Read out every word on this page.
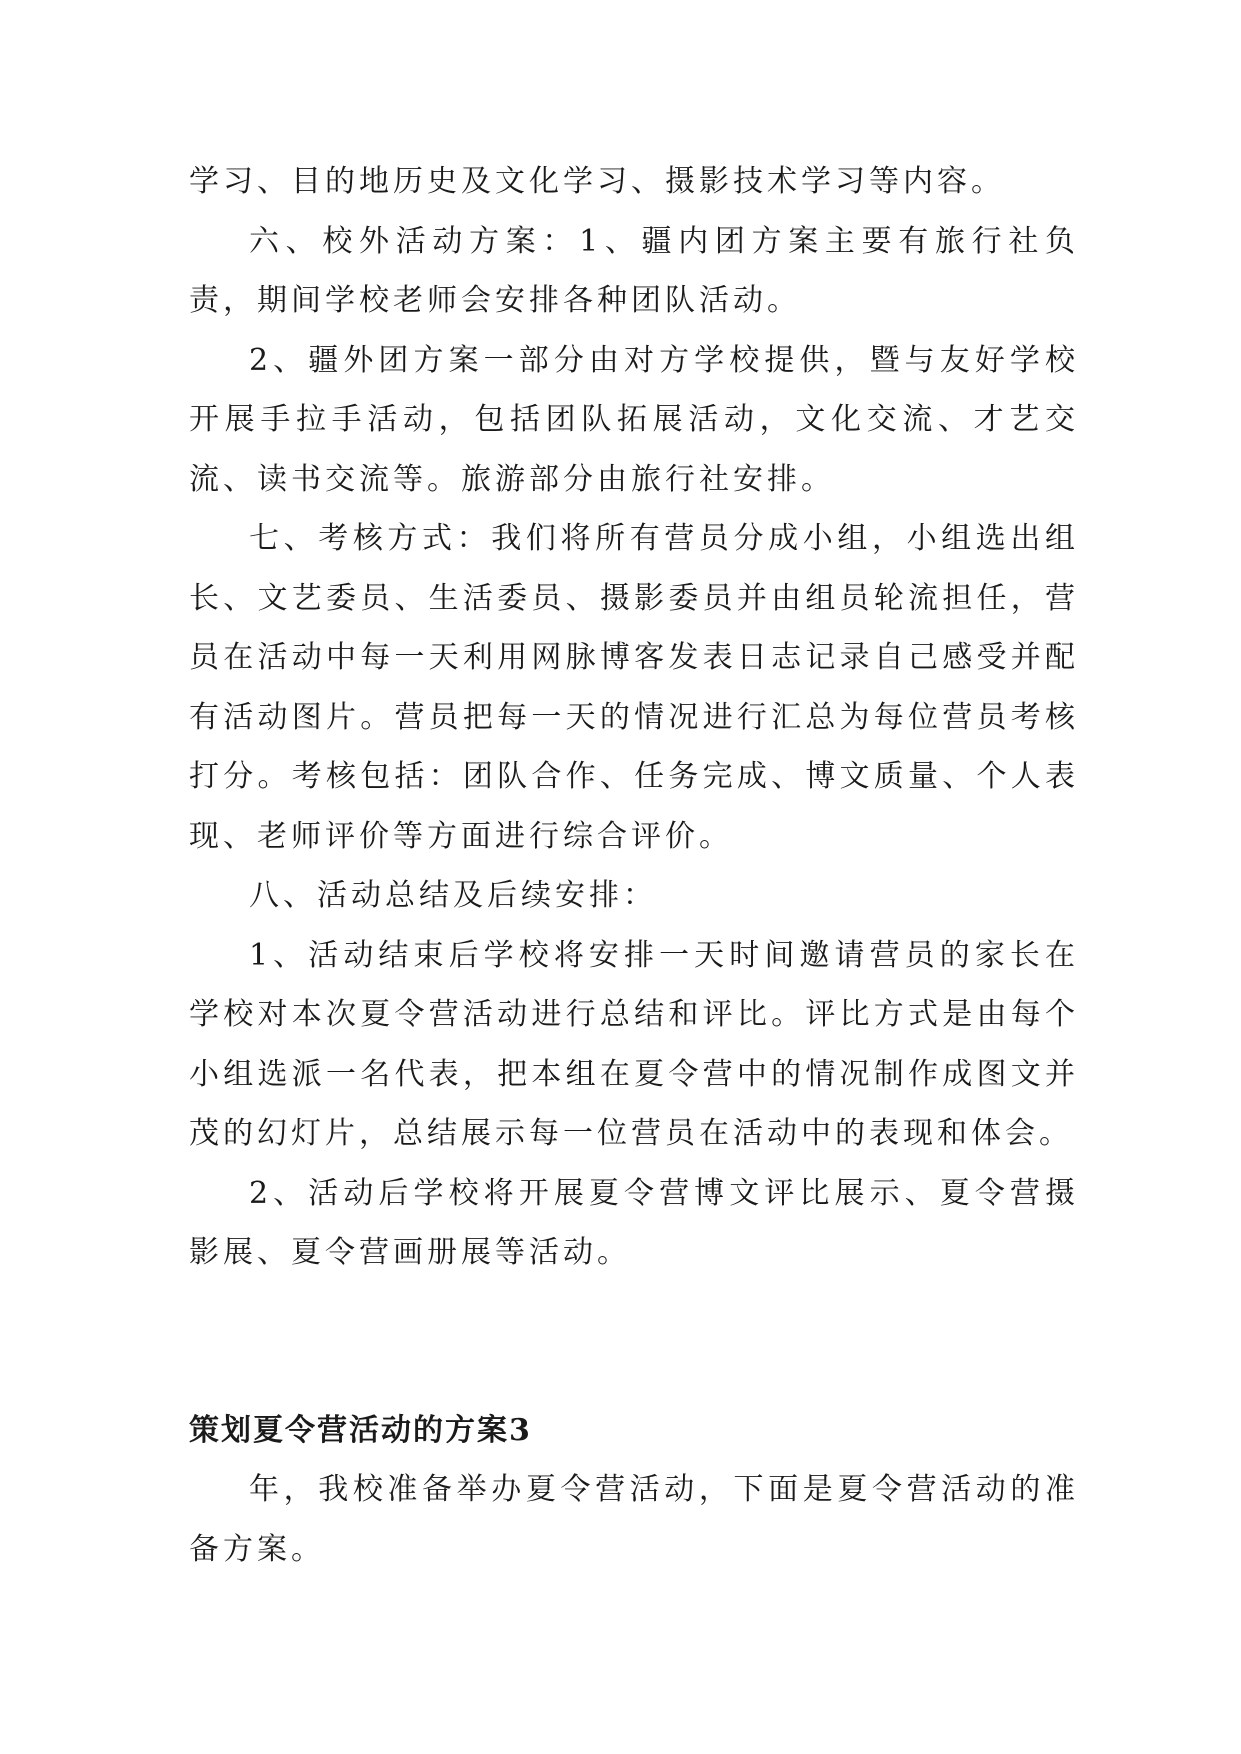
学习、目的地历史及文化学习、摄影技术学习等内容。

六、校外活动方案：1、疆内团方案主要有旅行社负责，期间学校老师会安排各种团队活动。

2、疆外团方案一部分由对方学校提供，暨与友好学校开展手拉手活动，包括团队拓展活动，文化交流、才艺交流、读书交流等。旅游部分由旅行社安排。

七、考核方式：我们将所有营员分成小组，小组选出组长、文艺委员、生活委员、摄影委员并由组员轮流担任，营员在活动中每一天利用网脉博客发表日志记录自己感受并配有活动图片。营员把每一天的情况进行汇总为每位营员考核打分。考核包括：团队合作、任务完成、博文质量、个人表现、老师评价等方面进行综合评价。

八、活动总结及后续安排：

1、活动结束后学校将安排一天时间邀请营员的家长在学校对本次夏令营活动进行总结和评比。评比方式是由每个小组选派一名代表，把本组在夏令营中的情况制作成图文并茂的幻灯片，总结展示每一位营员在活动中的表现和体会。

2、活动后学校将开展夏令营博文评比展示、夏令营摄影展、夏令营画册展等活动。

策划夏令营活动的方案3

年，我校准备举办夏令营活动，下面是夏令营活动的准备方案。
